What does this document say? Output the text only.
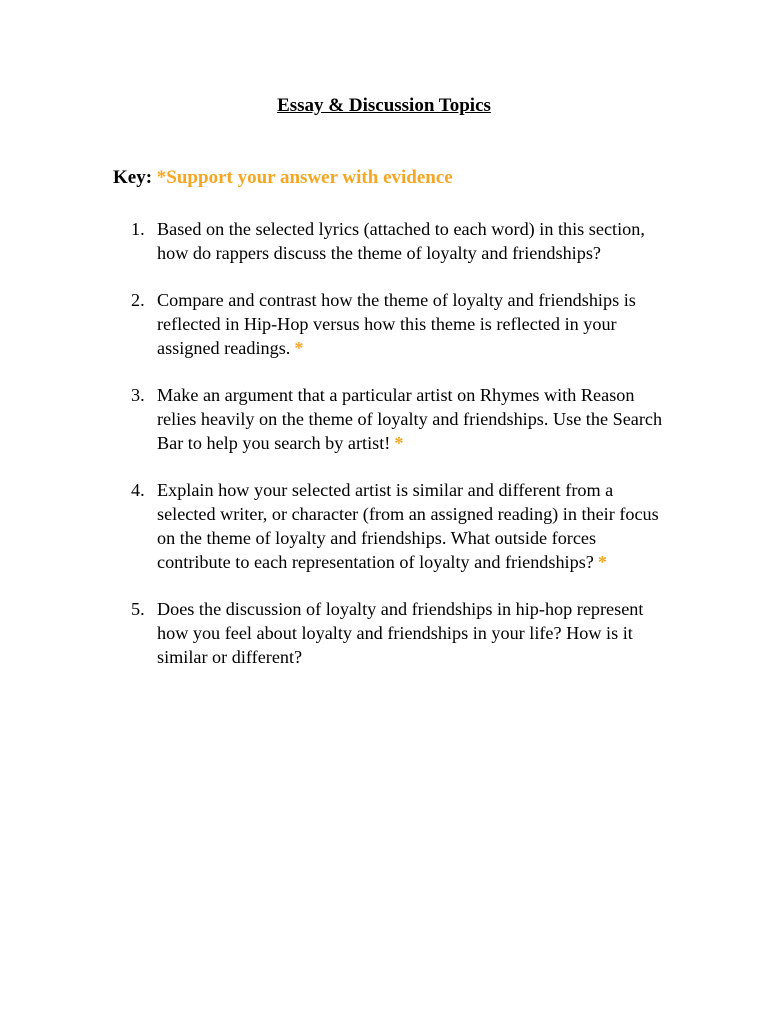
Essay & Discussion Topics
Key: *Support your answer with evidence
1. Based on the selected lyrics (attached to each word) in this section, how do rappers discuss the theme of loyalty and friendships?
2. Compare and contrast how the theme of loyalty and friendships is reflected in Hip-Hop versus how this theme is reflected in your assigned readings. *
3. Make an argument that a particular artist on Rhymes with Reason relies heavily on the theme of loyalty and friendships. Use the Search Bar to help you search by artist! *
4. Explain how your selected artist is similar and different from a selected writer, or character (from an assigned reading) in their focus on the theme of loyalty and friendships. What outside forces contribute to each representation of loyalty and friendships? *
5. Does the discussion of loyalty and friendships in hip-hop represent how you feel about loyalty and friendships in your life? How is it similar or different?
